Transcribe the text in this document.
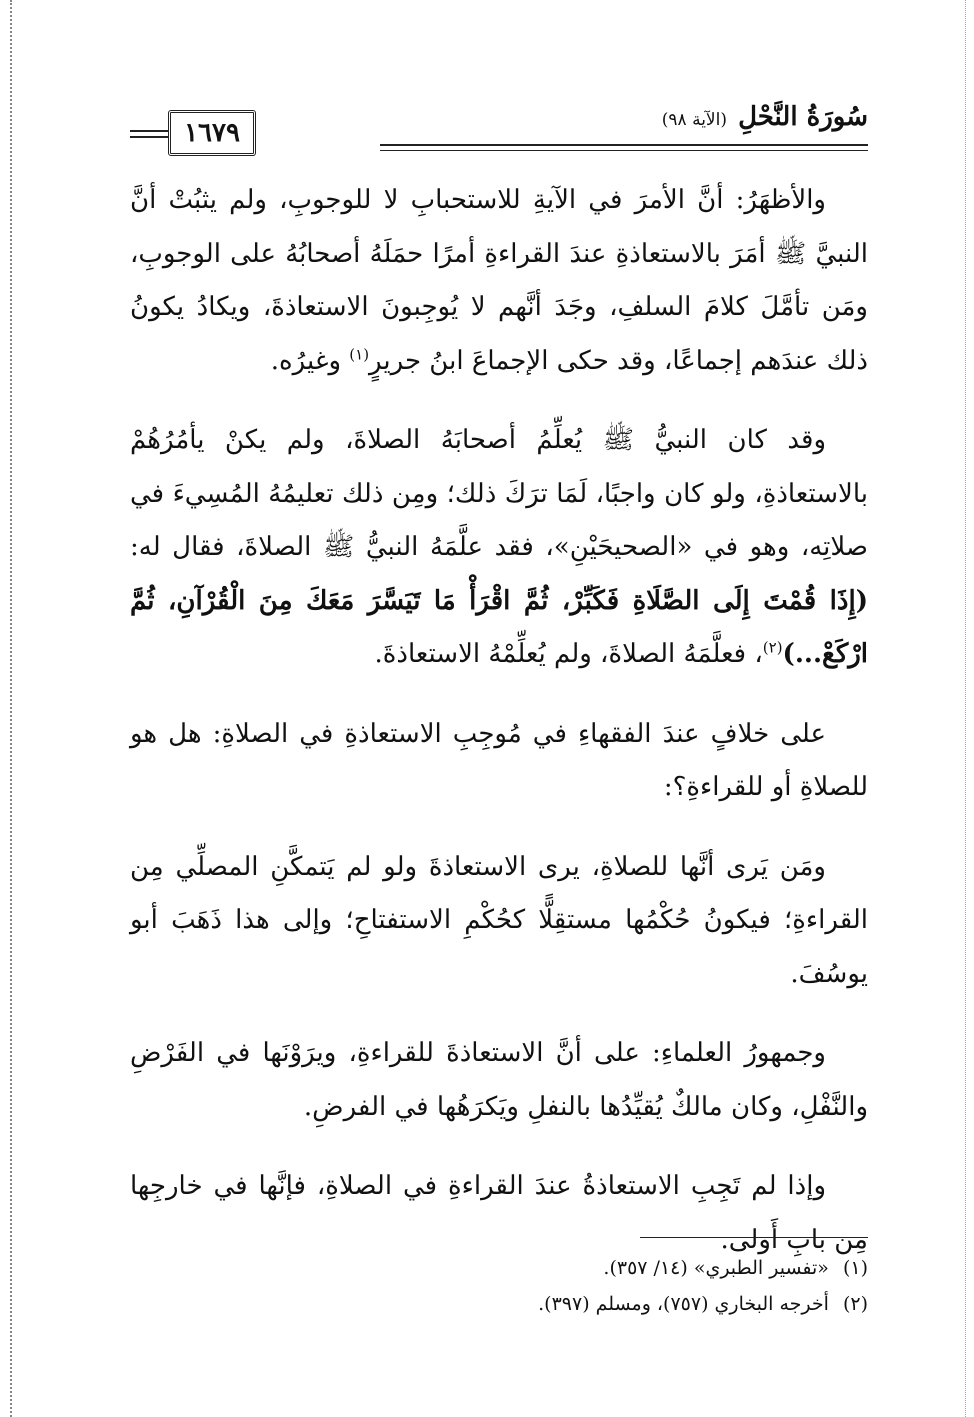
١٦٧٩
سُورَةُ النَّحْلِ (الآية ٩٨)

والأظهَرُ: أنَّ الأمرَ في الآيةِ للاستحبابِ لا للوجوبِ، ولم يثبُتْ أنَّ النبيَّ ﷺ أمَرَ بالاستعاذةِ عندَ القراءةِ أمرًا حمَلَهُ أصحابُهُ على الوجوبِ، ومَن تأمَّلَ كلامَ السلفِ، وجَدَ أنَّهم لا يُوجِبونَ الاستعاذةَ، ويكادُ يكونُ ذلك عندَهم إجماعًا، وقد حكى الإجماعَ ابنُ جريرٍ$^{(١)}$ وغيرُه.

وقد كان النبيُّ ﷺ يُعلِّمُ أصحابَهُ الصلاةَ، ولم يكنْ يأمُرُهُمْ بالاستعاذةِ، ولو كان واجبًا، لَمَا ترَكَ ذلك؛ ومِن ذلك تعليمُهُ المُسِيءَ في صلاتِه، وهو في «الصحيحَيْنِ»، فقد علَّمَهُ النبيُّ ﷺ الصلاةَ، فقال له: (إِذَا قُمْتَ إِلَى الصَّلَاةِ فَكَبِّرْ، ثُمَّ اقْرَأْ مَا تَيَسَّرَ مَعَكَ مِنَ الْقُرْآنِ، ثُمَّ ارْكَعْ...)$^{(٢)}$، فعلَّمَهُ الصلاةَ، ولم يُعلِّمْهُ الاستعاذةَ.

على خلافٍ عندَ الفقهاءِ في مُوجِبِ الاستعاذةِ في الصلاةِ: هل هو للصلاةِ أو للقراءةِ؟:

ومَن يَرى أنَّها للصلاةِ، يرى الاستعاذةَ ولو لم يَتمكَّنِ المصلِّي مِن القراءةِ؛ فيكونُ حُكْمُها مستقِلًّا كحُكْمِ الاستفتاحِ؛ وإلى هذا ذَهَبَ أبو يوسُفَ.

وجمهورُ العلماءِ: على أنَّ الاستعاذةَ للقراءةِ، ويرَوْنَها في الفَرْضِ والنَّفْلِ، وكان مالكٌ يُقيِّدُها بالنفلِ ويَكرَهُها في الفرضِ.

وإذا لم تَجِبِ الاستعاذةُ عندَ القراءةِ في الصلاةِ، فإنَّها في خارجِها مِن بابِ أَولى.

(١)«تفسير الطبري» (١٤/ ٣٥٧).
(٢)أخرجه البخاري (٧٥٧)، ومسلم (٣٩٧).
